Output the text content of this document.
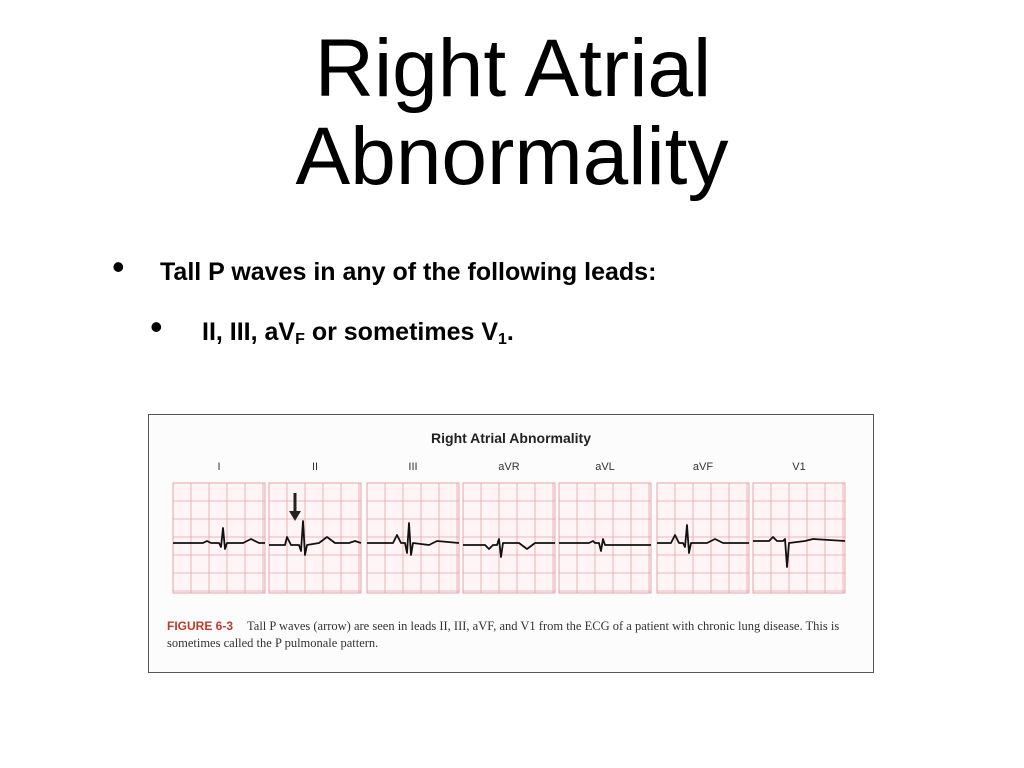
Right Atrial
Abnormality
•	Tall P waves in any of the following leads:
•	II, III, $aV_F$ or sometimes $V_1$.
Right Atrial Abnormality
FIGURE 6-3 Tall P waves (arrow) are seen in leads II, III, aVF, and V1 from the ECG of a patient with chronic lung disease. This is sometimes called the P pulmonale pattern.
I	II	III	aVR	aVL	aVF	V1
